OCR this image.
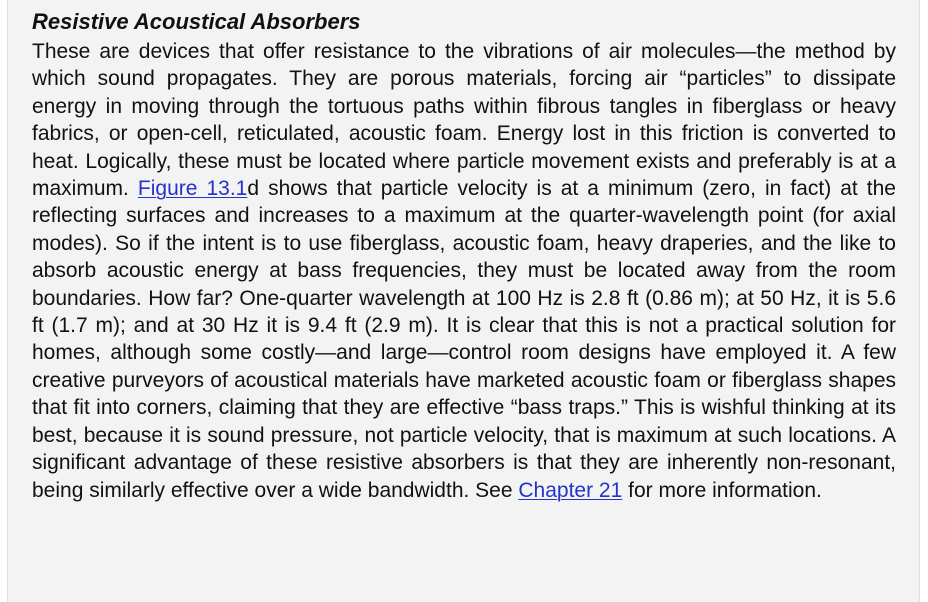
Resistive Acoustical Absorbers

These are devices that offer resistance to the vibrations of air molecules—the method by which sound propagates. They are porous materials, forcing air “particles” to dissipate energy in moving through the tortuous paths within fibrous tangles in fiberglass or heavy fabrics, or open-cell, reticulated, acoustic foam. Energy lost in this friction is converted to heat. Logically, these must be located where particle movement exists and preferably is at a maximum. Figure 13.1d shows that particle velocity is at a minimum (zero, in fact) at the reflecting surfaces and increases to a maximum at the quarter-wavelength point (for axial modes). So if the intent is to use fiberglass, acoustic foam, heavy draperies, and the like to absorb acoustic energy at bass frequencies, they must be located away from the room boundaries. How far? One-quarter wavelength at 100 Hz is 2.8 ft (0.86 m); at 50 Hz, it is 5.6 ft (1.7 m); and at 30 Hz it is 9.4 ft (2.9 m). It is clear that this is not a practical solution for homes, although some costly—and large—control room designs have employed it. A few creative purveyors of acoustical materials have marketed acoustic foam or fiberglass shapes that fit into corners, claiming that they are effective “bass traps.” This is wishful thinking at its best, because it is sound pressure, not particle velocity, that is maximum at such locations. A significant advantage of these resistive absorbers is that they are inherently non-resonant, being similarly effective over a wide bandwidth. See Chapter 21 for more information.
